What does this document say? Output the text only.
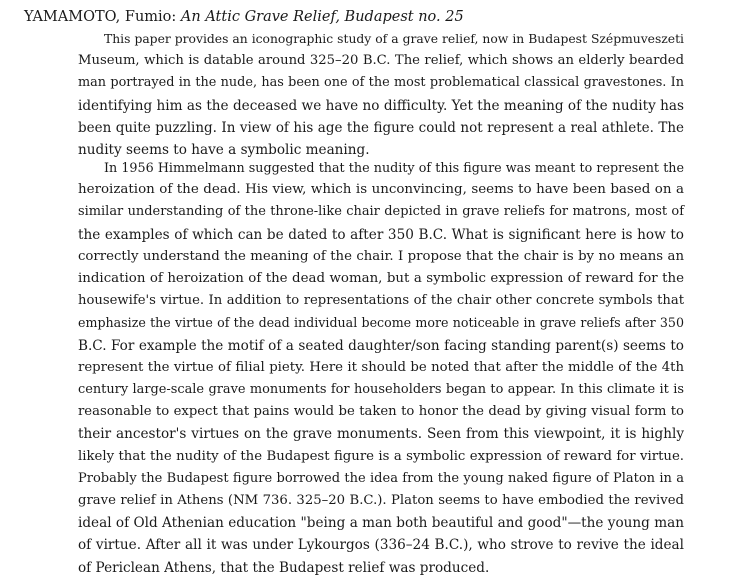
YAMAMOTO, Fumio: An Attic Grave Relief, Budapest no. 25
This paper provides an iconographic study of a grave relief, now in Budapest Szépmuveszeti
Museum, which is datable around 325–20 B.C. The relief, which shows an elderly bearded
man portrayed in the nude, has been one of the most problematical classical gravestones. In
identifying him as the deceased we have no difficulty. Yet the meaning of the nudity has
been quite puzzling. In view of his age the figure could not represent a real athlete. The
nudity seems to have a symbolic meaning.
In 1956 Himmelmann suggested that the nudity of this figure was meant to represent the
heroization of the dead. His view, which is unconvincing, seems to have been based on a
similar understanding of the throne-like chair depicted in grave reliefs for matrons, most of
the examples of which can be dated to after 350 B.C. What is significant here is how to
correctly understand the meaning of the chair. I propose that the chair is by no means an
indication of heroization of the dead woman, but a symbolic expression of reward for the
housewife's virtue. In addition to representations of the chair other concrete symbols that
emphasize the virtue of the dead individual become more noticeable in grave reliefs after 350
B.C. For example the motif of a seated daughter/son facing standing parent(s) seems to
represent the virtue of filial piety. Here it should be noted that after the middle of the 4th
century large-scale grave monuments for householders began to appear. In this climate it is
reasonable to expect that pains would be taken to honor the dead by giving visual form to
their ancestor's virtues on the grave monuments. Seen from this viewpoint, it is highly
likely that the nudity of the Budapest figure is a symbolic expression of reward for virtue.
Probably the Budapest figure borrowed the idea from the young naked figure of Platon in a
grave relief in Athens (NM 736. 325–20 B.C.). Platon seems to have embodied the revived
ideal of Old Athenian education "being a man both beautiful and good"—the young man
of virtue. After all it was under Lykourgos (336–24 B.C.), who strove to revive the ideal
of Periclean Athens, that the Budapest relief was produced.
